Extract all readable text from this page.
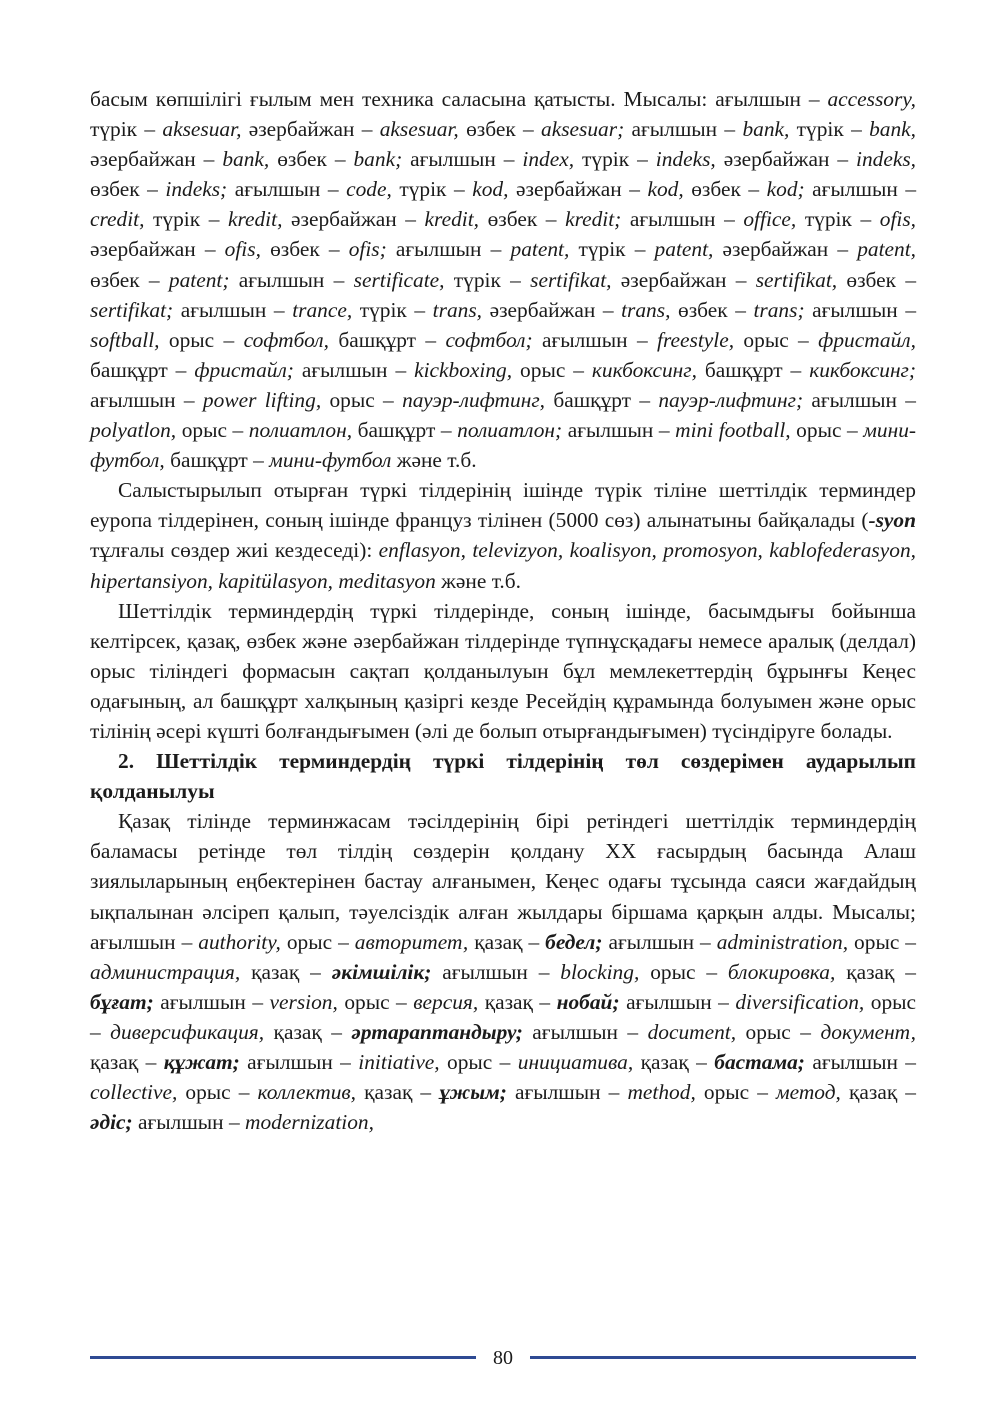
басым көпшілігі ғылым мен техника саласына қатысты. Мысалы: ағылшын – accessory, түрік – aksesuar, әзербайжан – aksesuar, өзбек – aksesuar; ағылшын – bank, түрік – bank, әзербайжан – bank, өзбек – bank; ағылшын – index, түрік – indeks, әзербайжан – indeks, өзбек – indeks; ағылшын – code, түрік – kod, әзербайжан – kod, өзбек – kod; ағылшын – credit, түрік – kredit, әзербайжан – kredit, өзбек – kredit; ағылшын – office, түрік – ofis, әзербайжан – ofis, өзбек – ofis; ағылшын – patent, түрік – patent, әзербайжан – patent, өзбек – patent; ағылшын – sertificate, түрік – sertifikat, әзербайжан – sertifikat, өзбек – sertifikat; ағылшын – trance, түрік – trans, әзербайжан – trans, өзбек – trans; ағылшын – softball, орыс – софтбол, башқұрт – софтбол; ағылшын – freestyle, орыс – фристайл, башқұрт – фристайл; ағылшын – kickboxing, орыс – кикбоксинг, башқұрт – кикбоксинг; ағылшын – power lifting, орыс – пауэр-лифтинг, башқұрт – пауэр-лифтинг; ағылшын – polyatlon, орыс – полиатлон, башқұрт – полиатлон; ағылшын – mini football, орыс – мини-футбол, башқұрт – мини-футбол және т.б.

Салыстырылып отырған түркі тілдерінің ішінде түрік тіліне шеттілдік терминдер еуропа тілдерінен, соның ішінде француз тілінен (5000 сөз) алынатыны байқалады (-syon тұлғалы сөздер жиі кездеседі): enflasyon, televizyon, koalisyon, promosyon, kablofederasyon, hipertansiyon, kapitülasyon, meditasyon және т.б.

Шеттілдік терминдердің түркі тілдерінде, соның ішінде, басымдығы бойынша келтірсек, қазақ, өзбек және әзербайжан тілдерінде түпнұсқадағы немесе аралық (делдал) орыс тіліндегі формасын сақтап қолданылуын бұл мемлекеттердің бұрынғы Кеңес одағының, ал башқұрт халқының қазіргі кезде Ресейдің құрамында болуымен және орыс тілінің әсері күшті болғандығымен (әлі де болып отырғандығымен) түсіндіруге болады.

2. Шеттілдік терминдердің түркі тілдерінің төл сөздерімен аударылып қолданылуы

Қазақ тілінде терминжасам тәсілдерінің бірі ретіндегі шеттілдік терминдердің баламасы ретінде төл тілдің сөздерін қолдану ХХ ғасырдың басында Алаш зиялыларының еңбектерінен бастау алғанымен, Кеңес одағы тұсында саяси жағдайдың ықпалынан әлсіреп қалып, тәуелсіздік алған жылдары біршама қарқын алды. Мысалы; ағылшын – authority, орыс – авторитет, қазақ – бедел; ағылшын – administration, орыс – администрация, қазақ – әкімшілік; ағылшын – blocking, орыс – блокировка, қазақ – бұғат; ағылшын – version, орыс – версия, қазақ – нобай; ағылшын – diversification, орыс – диверсификация, қазақ – әртараптандыру; ағылшын – document, орыс – документ, қазақ – құжат; ағылшын – initiative, орыс – инициатива, қазақ – бастама; ағылшын – collective, орыс – коллектив, қазақ – ұжым; ағылшын – method, орыс – метод, қазақ – әдіс; ағылшын – modernization,

80
